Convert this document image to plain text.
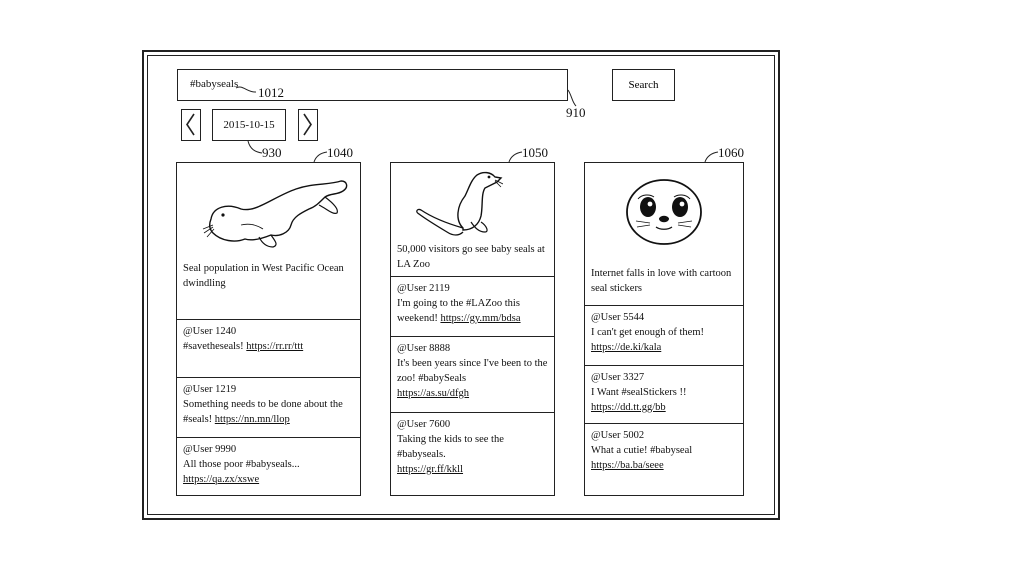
#babyseals	Search
2015-10-15
1012
910
930	1040	1050	1060
Seal population in West Pacific Ocean dwindling
@User 1240
#savetheseals! https://rr.rr/ttt
@User 1219
Something needs to be done about the #seals! https://nn.mn/llop
@User 9990
All those poor #babyseals... https://qa.zx/xswe
50,000 visitors go see baby seals at LA Zoo
@User 2119
I'm going to the #LAZoo this weekend! https://gy.mm/bdsa
@User 8888
It's been years since I've been to the zoo! #babySeals
https://as.su/dfgh
@User 7600
Taking the kids to see the #babyseals.
https://gr.ff/kkll
Internet falls in love with cartoon seal stickers
@User 5544
I can't get enough of them!
https://de.ki/kala
@User 3327
I Want #sealStickers !!
https://dd.tt.gg/bb
@User 5002
What a cutie! #babyseal
https://ba.ba/seee
